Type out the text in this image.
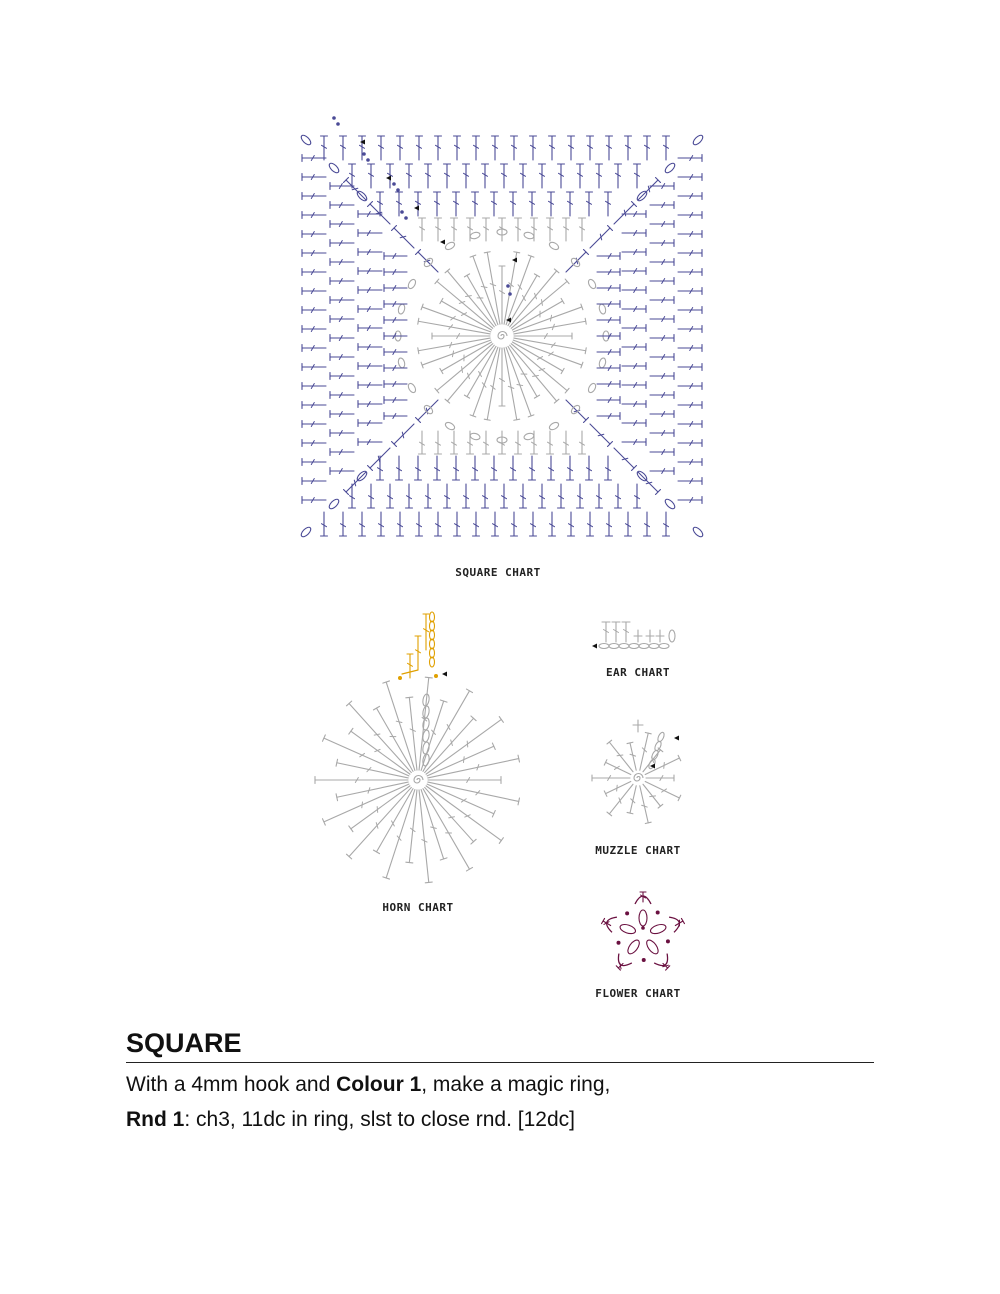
SQUARE CHART
HORN CHART
EAR CHART
MUZZLE CHART
FLOWER CHART
SQUARE
With a 4mm hook and Colour 1, make a magic ring,
Rnd 1: ch3, 11dc in ring, slst to close rnd. [12dc]
